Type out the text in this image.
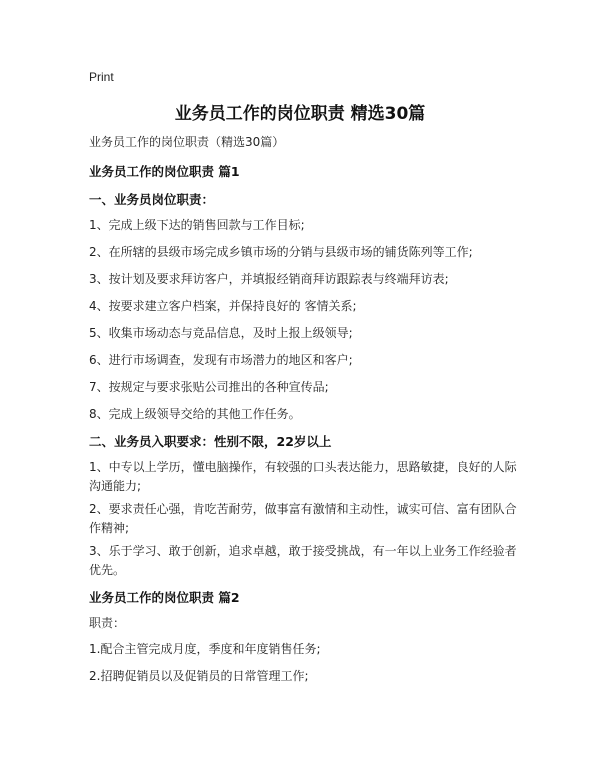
Print
业务员工作的岗位职责 精选30篇
业务员工作的岗位职责（精选30篇）
业务员工作的岗位职责 篇1
一、业务员岗位职责：
1、完成上级下达的销售回款与工作目标;
2、在所辖的县级市场完成乡镇市场的分销与县级市场的铺货陈列等工作;
3、按计划及要求拜访客户，并填报经销商拜访跟踪表与终端拜访表;
4、按要求建立客户档案，并保持良好的 客情关系;
5、收集市场动态与竞品信息，及时上报上级领导;
6、进行市场调查，发现有市场潜力的地区和客户;
7、按规定与要求张贴公司推出的各种宣传品;
8、完成上级领导交给的其他工作任务。
二、业务员入职要求：性别不限，22岁以上
1、中专以上学历，懂电脑操作，有较强的口头表达能力，思路敏捷，良好的人际沟通能力;
2、要求责任心强，肯吃苦耐劳，做事富有激情和主动性，诚实可信、富有团队合作精神;
3、乐于学习、敢于创新，追求卓越，敢于接受挑战，有一年以上业务工作经验者优先。
业务员工作的岗位职责 篇2
职责：
1.配合主管完成月度，季度和年度销售任务;
2.招聘促销员以及促销员的日常管理工作;
